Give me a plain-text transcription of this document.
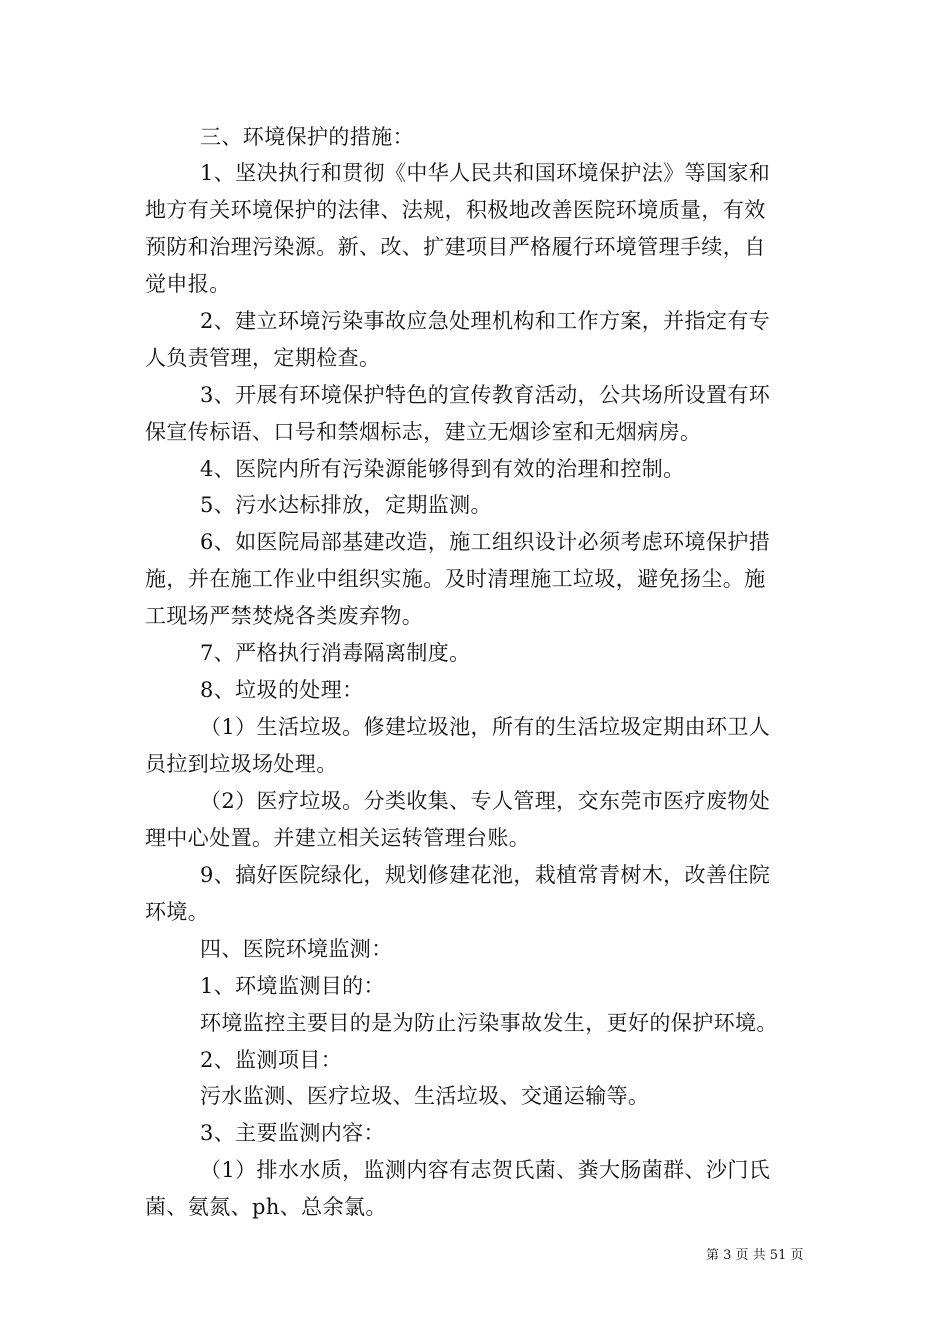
三、环境保护的措施：
1、坚决执行和贯彻《中华人民共和国环境保护法》等国家和
地方有关环境保护的法律、法规，积极地改善医院环境质量，有效
预防和治理污染源。新、改、扩建项目严格履行环境管理手续，自
觉申报。
2、建立环境污染事故应急处理机构和工作方案，并指定有专
人负责管理，定期检查。
3、开展有环境保护特色的宣传教育活动，公共场所设置有环
保宣传标语、口号和禁烟标志，建立无烟诊室和无烟病房。
4、医院内所有污染源能够得到有效的治理和控制。
5、污水达标排放，定期监测。
6、如医院局部基建改造，施工组织设计必须考虑环境保护措
施，并在施工作业中组织实施。及时清理施工垃圾，避免扬尘。施
工现场严禁焚烧各类废弃物。
7、严格执行消毒隔离制度。
8、垃圾的处理：
（1）生活垃圾。修建垃圾池，所有的生活垃圾定期由环卫人
员拉到垃圾场处理。
（2）医疗垃圾。分类收集、专人管理，交东莞市医疗废物处
理中心处置。并建立相关运转管理台账。
9、搞好医院绿化，规划修建花池，栽植常青树木，改善住院
环境。
四、医院环境监测：
1、环境监测目的：
环境监控主要目的是为防止污染事故发生，更好的保护环境。
2、监测项目：
污水监测、医疗垃圾、生活垃圾、交通运输等。
3、主要监测内容：
（1）排水水质，监测内容有志贺氏菌、粪大肠菌群、沙门氏
菌、氨氮、ph、总余氯。
第 3 页 共 51 页
